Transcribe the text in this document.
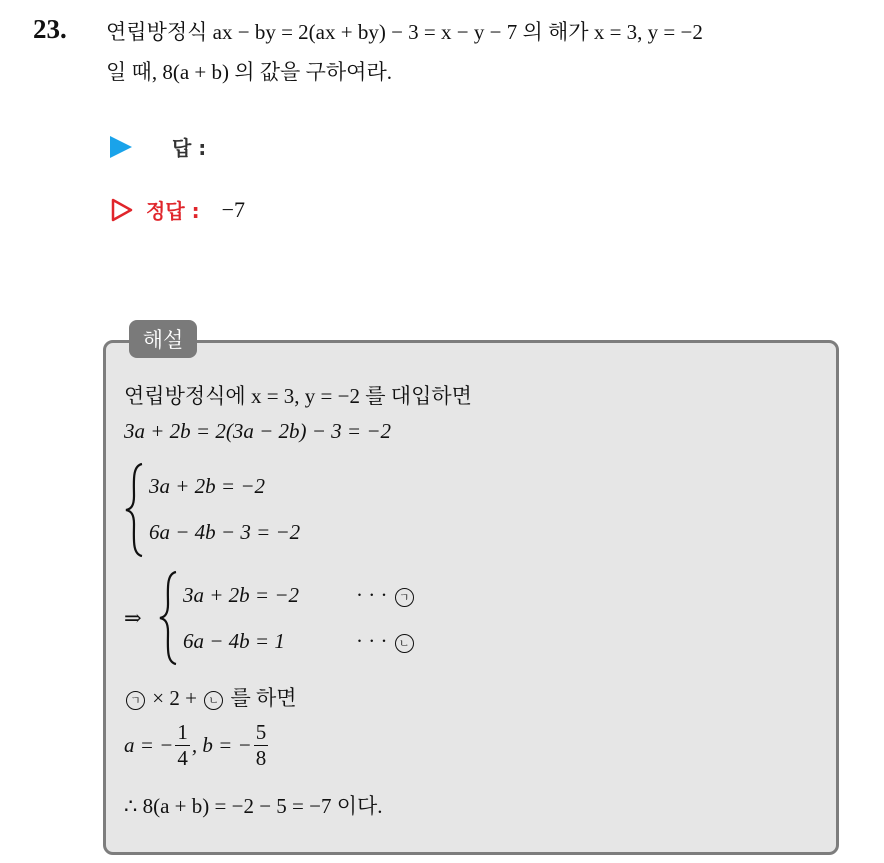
23. 연립방정식 ax − by = 2(ax + by) − 3 = x − y − 7 의 해가 x = 3, y = −2
일 때, 8(a + b) 의 값을 구하여라.
답 :
정답 : −7
해설
연립방정식에 x = 3, y = −2 를 대입하면
3a + 2b = 2(3a − 2b) − 3 = −2
3a + 2b = −2
6a − 4b − 3 = −2
⇒
3a + 2b = −2	· · · ㄱ
6a − 4b = 1	· · · ㄴ
ㄱ × 2 + ㄴ 를 하면
a = − $\frac{1}{4}$ , b = − $\frac{5}{8}$
∴ 8(a + b) = −2 − 5 = −7 이다.
